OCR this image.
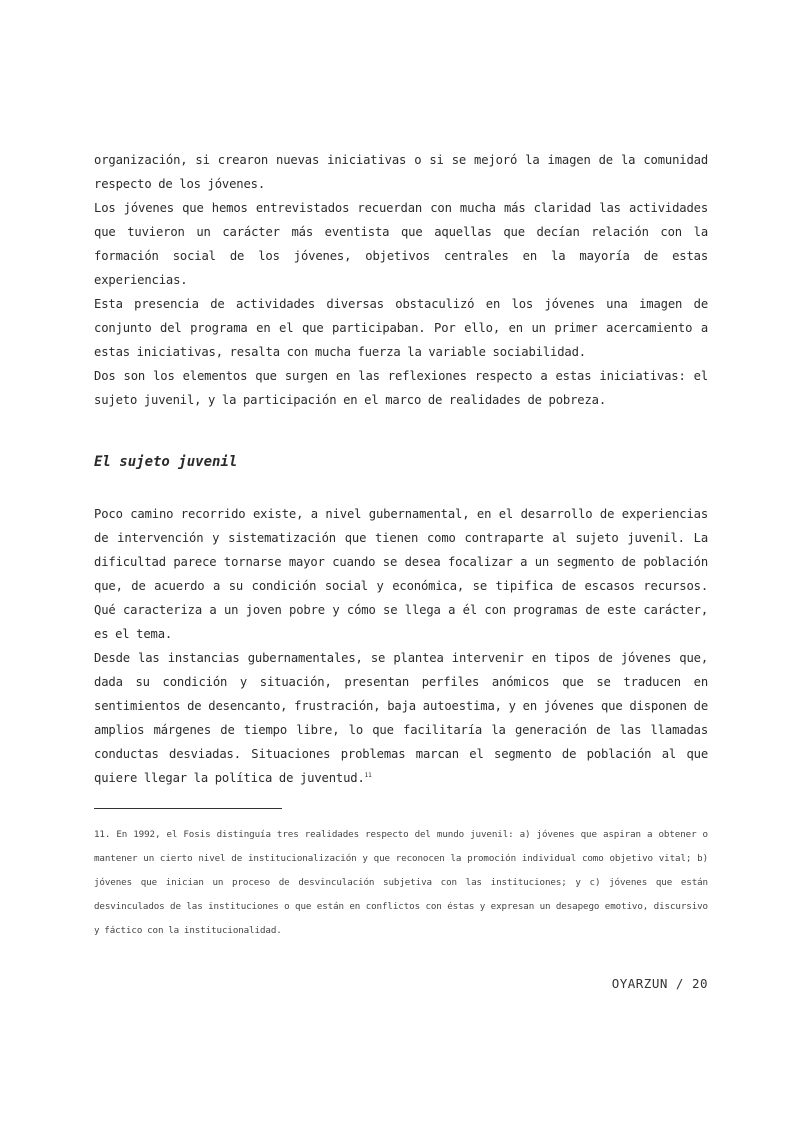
organización, si crearon nuevas iniciativas o si se mejoró la imagen de la comunidad respecto de los jóvenes.

Los jóvenes que hemos entrevistados recuerdan con mucha más claridad las actividades que tuvieron un carácter más eventista que aquellas que decían relación con la formación social de los jóvenes, objetivos centrales en la mayoría de estas experiencias.

Esta presencia de actividades diversas obstaculizó en los jóvenes una imagen de conjunto del programa en el que participaban. Por ello, en un primer acercamiento a estas iniciativas, resalta con mucha fuerza la variable sociabilidad.

Dos son los elementos que surgen en las reflexiones respecto a estas iniciativas: el sujeto juvenil, y la participación en el marco de realidades de pobreza.

El sujeto juvenil

Poco camino recorrido existe, a nivel gubernamental, en el desarrollo de experiencias de intervención y sistematización que tienen como contraparte al sujeto juvenil. La dificultad parece tornarse mayor cuando se desea focalizar a un segmento de población que, de acuerdo a su condición social y económica, se tipifica de escasos recursos. Qué caracteriza a un joven pobre y cómo se llega a él con programas de este carácter, es el tema.

Desde las instancias gubernamentales, se plantea intervenir en tipos de jóvenes que, dada su condición y situación, presentan perfiles anómicos que se traducen en sentimientos de desencanto, frustración, baja autoestima, y en jóvenes que disponen de amplios márgenes de tiempo libre, lo que facilitaría la generación de las llamadas conductas desviadas. Situaciones problemas marcan el segmento de población al que quiere llegar la política de juventud.$^{11}$

11. En 1992, el Fosis distinguía tres realidades respecto del mundo juvenil: a) jóvenes que aspiran a obtener o mantener un cierto nivel de institucionalización y que reconocen la promoción individual como objetivo vital; b) jóvenes que inician un proceso de desvinculación subjetiva con las instituciones; y c) jóvenes que están desvinculados de las instituciones o que están en conflictos con éstas y expresan un desapego emotivo, discursivo y fáctico con la institucionalidad.

OYARZUN / 20
